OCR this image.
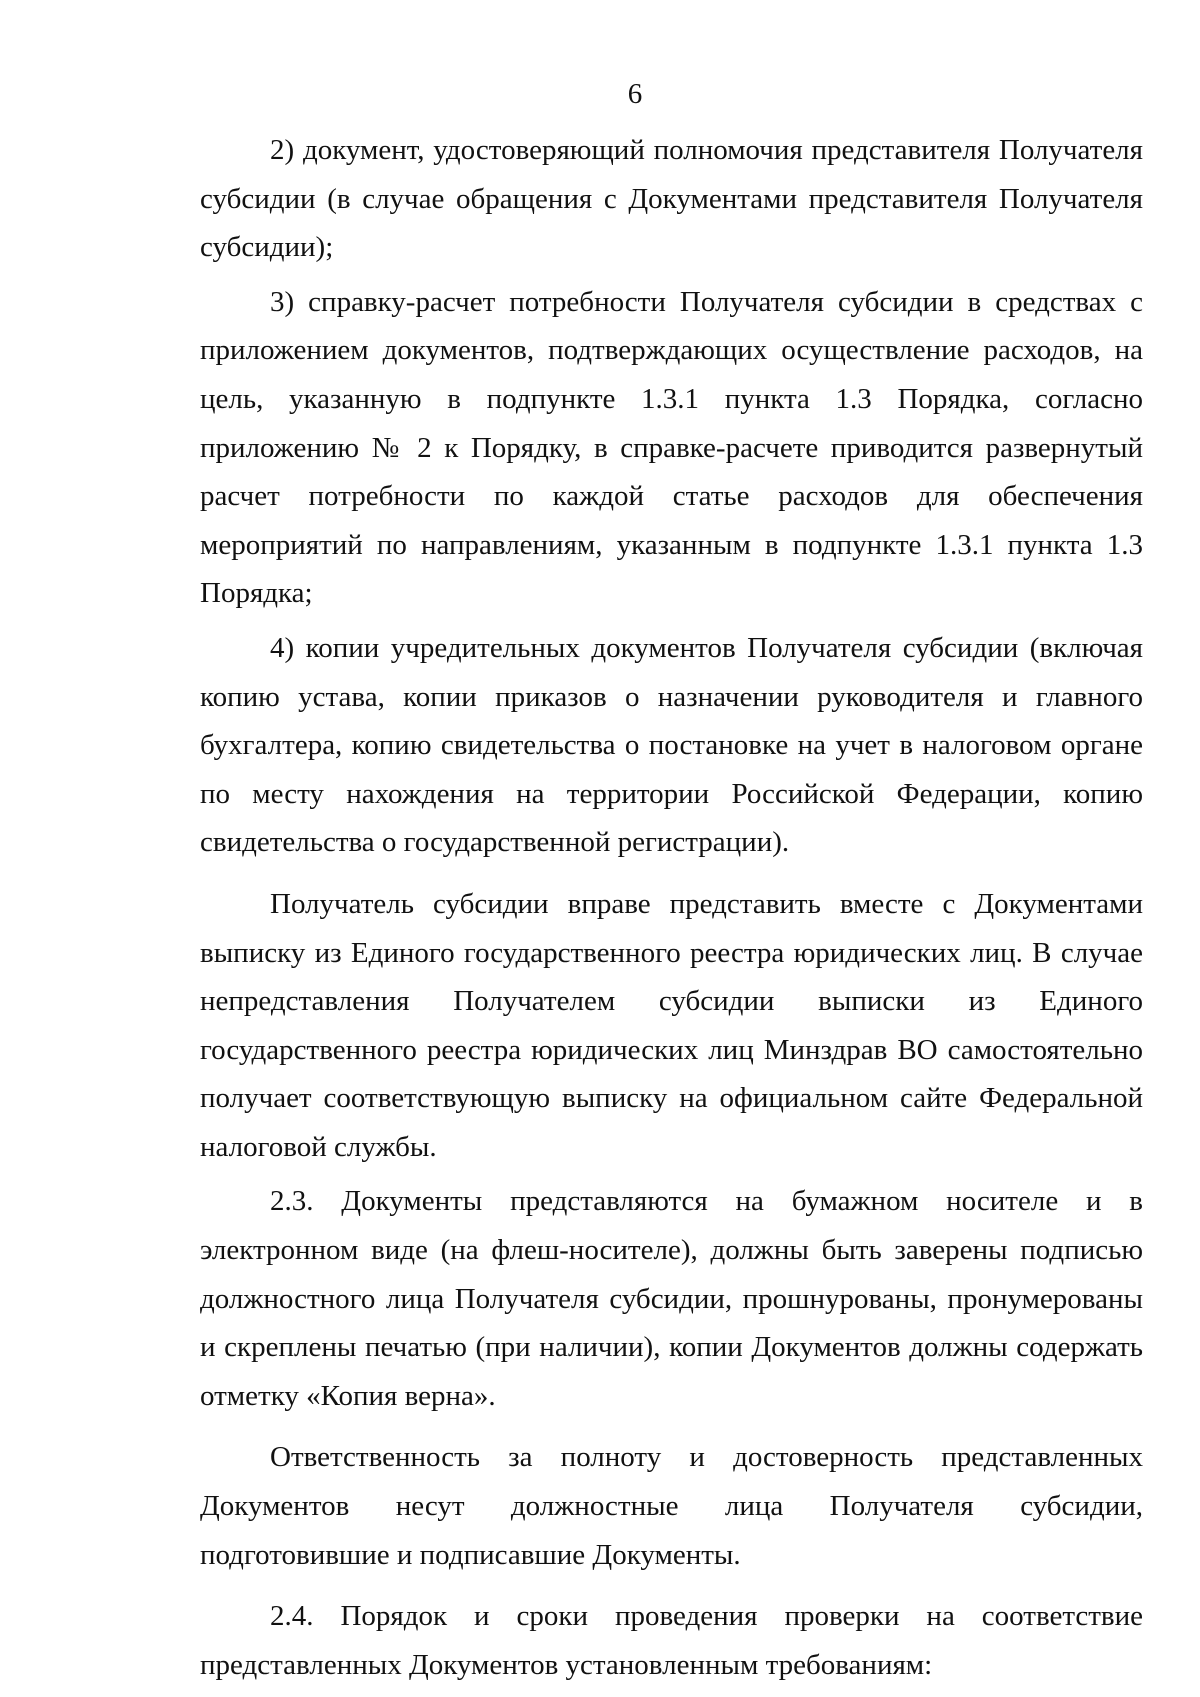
6

2) документ, удостоверяющий полномочия представителя Получателя субсидии (в случае обращения с Документами представителя Получателя субсидии);

3) справку-расчет потребности Получателя субсидии в средствах с приложением документов, подтверждающих осуществление расходов, на цель, указанную в подпункте 1.3.1 пункта 1.3 Порядка, согласно приложению № 2 к Порядку, в справке-расчете приводится развернутый расчет потребности по каждой статье расходов для обеспечения мероприятий по направлениям, указанным в подпункте 1.3.1 пункта 1.3 Порядка;

4) копии учредительных документов Получателя субсидии (включая копию устава, копии приказов о назначении руководителя и главного бухгалтера, копию свидетельства о постановке на учет в налоговом органе по месту нахождения на территории Российской Федерации, копию свидетельства о государственной регистрации).

Получатель субсидии вправе представить вместе с Документами выписку из Единого государственного реестра юридических лиц. В случае непредставления Получателем субсидии выписки из Единого государственного реестра юридических лиц Минздрав ВО самостоятельно получает соответствующую выписку на официальном сайте Федеральной налоговой службы.

2.3. Документы представляются на бумажном носителе и в электронном виде (на флеш-носителе), должны быть заверены подписью должностного лица Получателя субсидии, прошнурованы, пронумерованы и скреплены печатью (при наличии), копии Документов должны содержать отметку «Копия верна».

Ответственность за полноту и достоверность представленных Документов несут должностные лица Получателя субсидии, подготовившие и подписавшие Документы.

2.4. Порядок и сроки проведения проверки на соответствие представленных Документов установленным требованиям:
